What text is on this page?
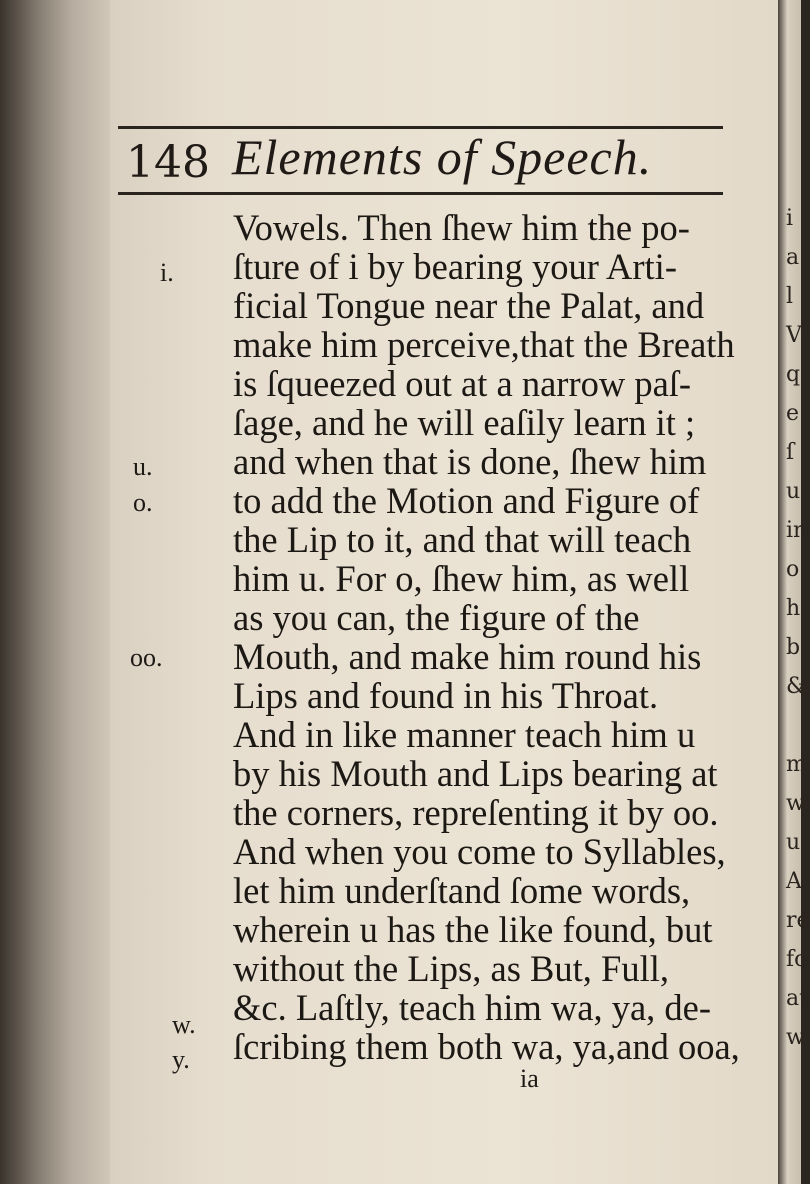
148 Elements of Speech.
i.
u.
o.
oo.
w.
y.
Vowels. Then ſhew him the po-
ſture of i by bearing your Arti-
ficial Tongue near the Palat, and
make him perceive,that the Breath
is ſqueezed out at a narrow paſ-
ſage, and he will eaſily learn it ;
and when that is done, ſhew him
to add the Motion and Figure of
the Lip to it, and that will teach
him u. For o, ſhew him, as well
as you can, the figure of the
Mouth, and make him round his
Lips and found in his Throat.
And in like manner teach him u
by his Mouth and Lips bearing at
the corners, repreſenting it by oo.
And when you come to Syllables,
let him underſtand ſome words,
wherein u has the like found, but
without the Lips, as But, Full,
&c. Laſtly, teach him wa, ya, de-
ſcribing them both wa, ya,and ooa,
ia
i
a
l
V
q
e
ſ
u
in
o
h
b
&
m
w
u
A
re
fo
at
w
